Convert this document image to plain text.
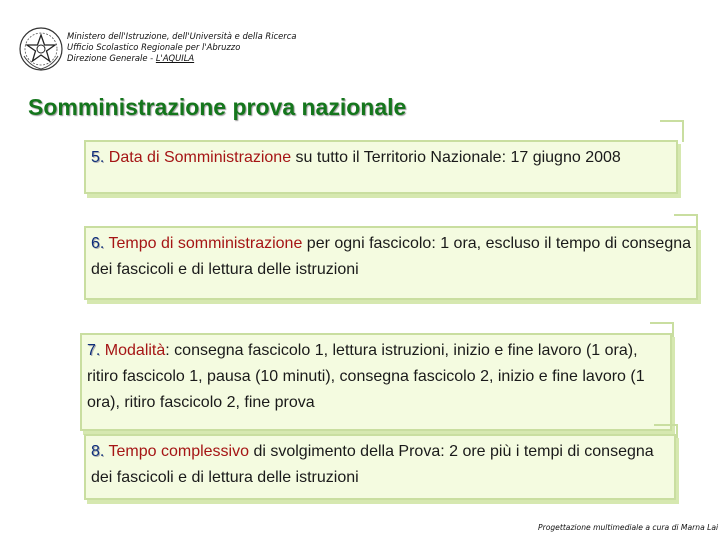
Ministero dell'Istruzione, dell'Università e della Ricerca
Ufficio Scolastico Regionale per l'Abruzzo
Direzione Generale - L'AQUILA
Somministrazione prova nazionale
5. Data di Somministrazione su tutto il Territorio Nazionale: 17 giugno 2008
6. Tempo di somministrazione per ogni fascicolo: 1 ora, escluso il tempo di consegna dei fascicoli e di lettura delle istruzioni
7. Modalità: consegna fascicolo 1, lettura istruzioni, inizio e fine lavoro (1 ora), ritiro fascicolo 1, pausa (10 minuti), consegna fascicolo 2, inizio e fine lavoro (1 ora), ritiro fascicolo 2, fine prova
8. Tempo complessivo di svolgimento della Prova: 2 ore più i tempi di consegna dei fascicoli e di lettura delle istruzioni
Progettazione multimediale a cura di Marna Lai
